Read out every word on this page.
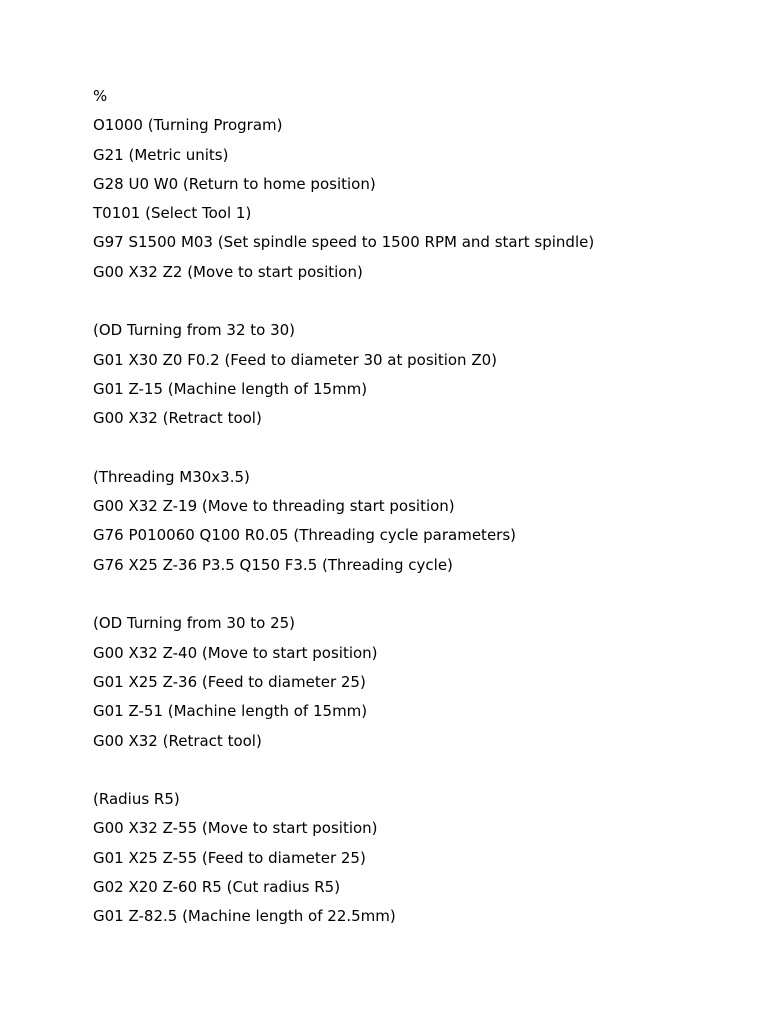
%
O1000 (Turning Program)
G21 (Metric units)
G28 U0 W0 (Return to home position)
T0101 (Select Tool 1)
G97 S1500 M03 (Set spindle speed to 1500 RPM and start spindle)
G00 X32 Z2 (Move to start position)
(OD Turning from 32 to 30)
G01 X30 Z0 F0.2 (Feed to diameter 30 at position Z0)
G01 Z-15 (Machine length of 15mm)
G00 X32 (Retract tool)
(Threading M30x3.5)
G00 X32 Z-19 (Move to threading start position)
G76 P010060 Q100 R0.05 (Threading cycle parameters)
G76 X25 Z-36 P3.5 Q150 F3.5 (Threading cycle)
(OD Turning from 30 to 25)
G00 X32 Z-40 (Move to start position)
G01 X25 Z-36 (Feed to diameter 25)
G01 Z-51 (Machine length of 15mm)
G00 X32 (Retract tool)
(Radius R5)
G00 X32 Z-55 (Move to start position)
G01 X25 Z-55 (Feed to diameter 25)
G02 X20 Z-60 R5 (Cut radius R5)
G01 Z-82.5 (Machine length of 22.5mm)
